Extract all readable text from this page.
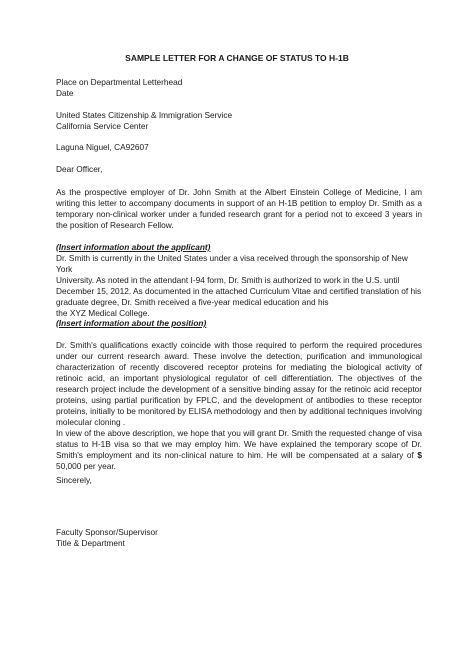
SAMPLE LETTER FOR A CHANGE OF STATUS TO H-1B

Place on Departmental Letterhead

Date

United States Citizenship & Immigration Service

California Service Center

Laguna Niguel, CA92607
Dear Officer,
As the prospective employer of Dr. John Smith at the Albert Einstein College of Medicine, I am writing this letter to accompany documents in support of an H-1B petition to employ Dr. Smith as a temporary non-clinical worker under a funded research grant for a period not to exceed 3 years in the position of Research Fellow.
(Insert information about the applicant)

Dr. Smith is currently in the United States under a visa received through the sponsorship of New York

University. As noted in the attendant I-94 form, Dr. Smith is authorized to work in the U.S. until

December 15, 2012. As documented in the attached Curriculum Vitae and certified translation of his

graduate degree, Dr. Smith received a five-year medical education and his

the XYZ Medical College.

(Insert information about the position)
Dr. Smith's qualifications exactly coincide with those required to perform the required procedures under our current research award. These involve the detection, purification and immunological characterization of recently discovered receptor proteins for mediating the biological activity of retinoic acid, an important physiological regulator of cell differentiation. The objectives of the research project include the development of a sensitive binding assay for the retinoic acid receptor proteins, using partial purification by FPLC, and the development of antibodies to these receptor proteins, initially to be monitored by ELISA methodology and then by additional techniques involving molecular cloning .
In view of the above description, we hope that you will grant Dr. Smith the requested change of visa status to H-1B visa so that we may employ him. We have explained the temporary scope of Dr. Smith's employment and its non-clinical nature to him. He will be compensated at a salary of $ 50,000 per year.
Sincerely,

Faculty Sponsor/Supervisor

Title & Department
